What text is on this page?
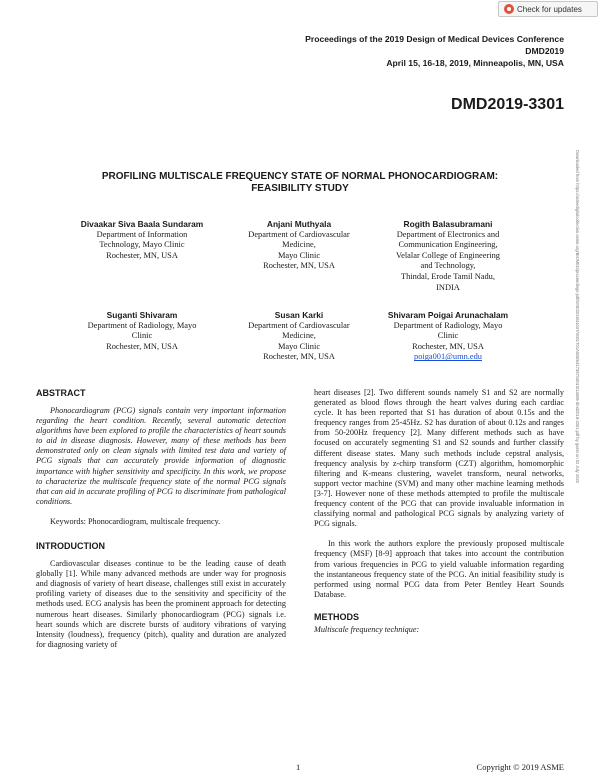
Check for updates
Proceedings of the 2019 Design of Medical Devices Conference
DMD2019
April 15, 16-18, 2019, Minneapolis, MN, USA
DMD2019-3301
PROFILING MULTISCALE FREQUENCY STATE OF NORMAL PHONOCARDIOGRAM:
FEASIBILITY STUDY
Divaakar Siva Baala Sundaram
Department of Information
Technology, Mayo Clinic
Rochester, MN, USA
Anjani Muthyala
Department of Cardiovascular
Medicine,
Mayo Clinic
Rochester, MN, USA
Rogith Balasubramani
Department of Electronics and
Communication Engineering,
Velalar College of Engineering
and Technology,
Thindal, Erode Tamil Nadu,
INDIA
Suganti Shivaram
Department of Radiology, Mayo
Clinic
Rochester, MN, USA
Susan Karki
Department of Cardiovascular
Medicine,
Mayo Clinic
Rochester, MN, USA
Shivaram Poigai Arunachalam
Department of Radiology, Mayo
Clinic
Rochester, MN, USA
poiga001@umn.edu	Downloaded from https://asmedigitalcollection.asme.org/BIOMED/proceedings-pdf/DMD2019/41037/V001T01A008/6417387/v001t01a008-dmd2019-3301.pdf by guest on 02 July 2020
ABSTRACT
Phonocardiogram (PCG) signals contain very important information regarding the heart condition. Recently, several automatic detection algorithms have been explored to profile the characteristics of heart sounds to aid in disease diagnosis. However, many of these methods has been demonstrated only on clean signals with limited test data and variety of PCG signals that can accurately provide information of diagnostic importance with higher sensitivity and specificity. In this work, we propose to characterize the multiscale frequency state of the normal PCG signals that can aid in accurate profiling of PCG to discriminate from pathological conditions.
Keywords: Phonocardiogram, multiscale frequency.
INTRODUCTION
Cardiovascular diseases continue to be the leading cause of death globally [1]. While many advanced methods are under way for prognosis and diagnosis of variety of heart disease, challenges still exist in accurately profiling variety of diseases due to the sensitivity and specificity of the methods used. ECG analysis has been the prominent approach for detecting numerous heart diseases. Similarly phonocardiogram (PCG) signals i.e. heart sounds which are discrete bursts of auditory vibrations of varying Intensity (loudness), frequency (pitch), quality and duration are analyzed for diagnosing variety of
heart diseases [2]. Two different sounds namely S1 and S2 are normally generated as blood flows through the heart valves during each cardiac cycle. It has been reported that S1 has duration of about 0.15s and the frequency ranges from 25-45Hz. S2 has duration of about 0.12s and ranges from 50-200Hz frequency [2]. Many different methods such as have focused on accurately segmenting S1 and S2 sounds and further classify different disease states. Many such methods include cepstral analysis, frequency analysis by z-chirp transform (CZT) algorithm, homomorphic filtering and K-means clustering, wavelet transform, neural networks, support vector machine (SVM) and many other machine learning methods [3-7]. However none of these methods attempted to profile the multiscale frequency content of the PCG that can provide invaluable information in classifying normal and pathological PCG signals by analyzing variety of PCG signals.
In this work the authors explore the previously proposed multiscale frequency (MSF) [8-9] approach that takes into account the contribution from various frequencies in PCG to yield valuable information regarding the instantaneous frequency state of the PCG. An initial feasibility study is performed using normal PCG data from Peter Bentley Heart Sounds Database.
METHODS
Multiscale frequency technique:
1	Copyright © 2019 ASME
